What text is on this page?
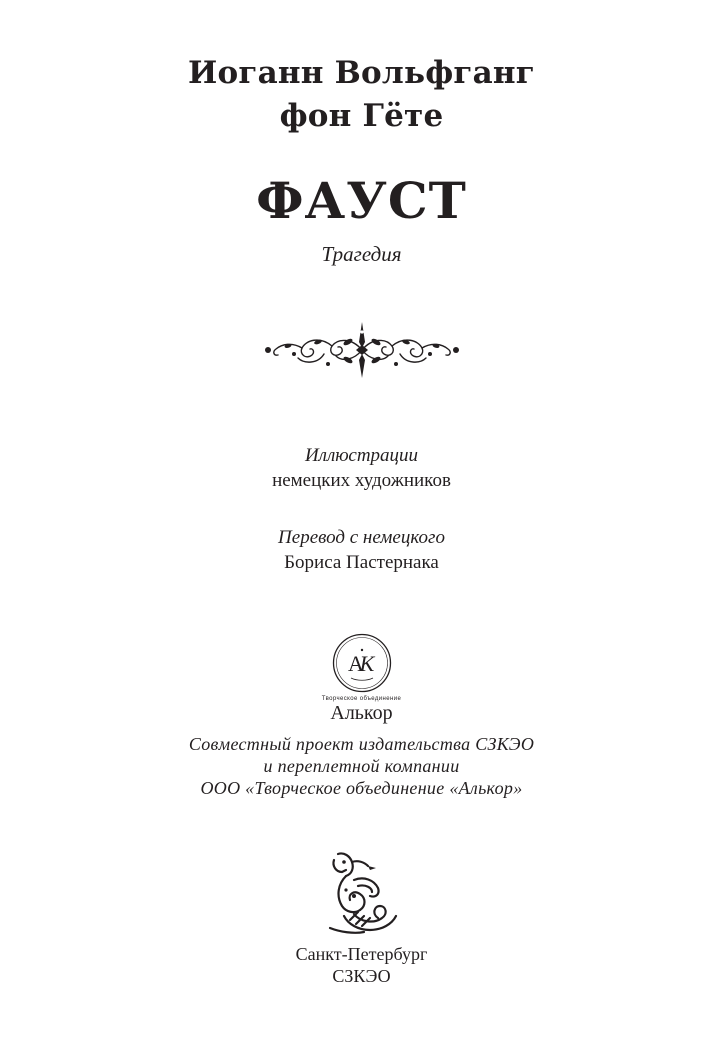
Иоганн Вольфганг
фон Гёте
ФАУСТ
Трагедия
Иллюстрации
немецких художников
Перевод с немецкого
Бориса Пастернака
A
K
Творческое объединение
Алькор
Совместный проект издательства СЗКЭО
и переплетной компании
ООО «Творческое объединение «Алькор»
Санкт-Петербург
СЗКЭО
